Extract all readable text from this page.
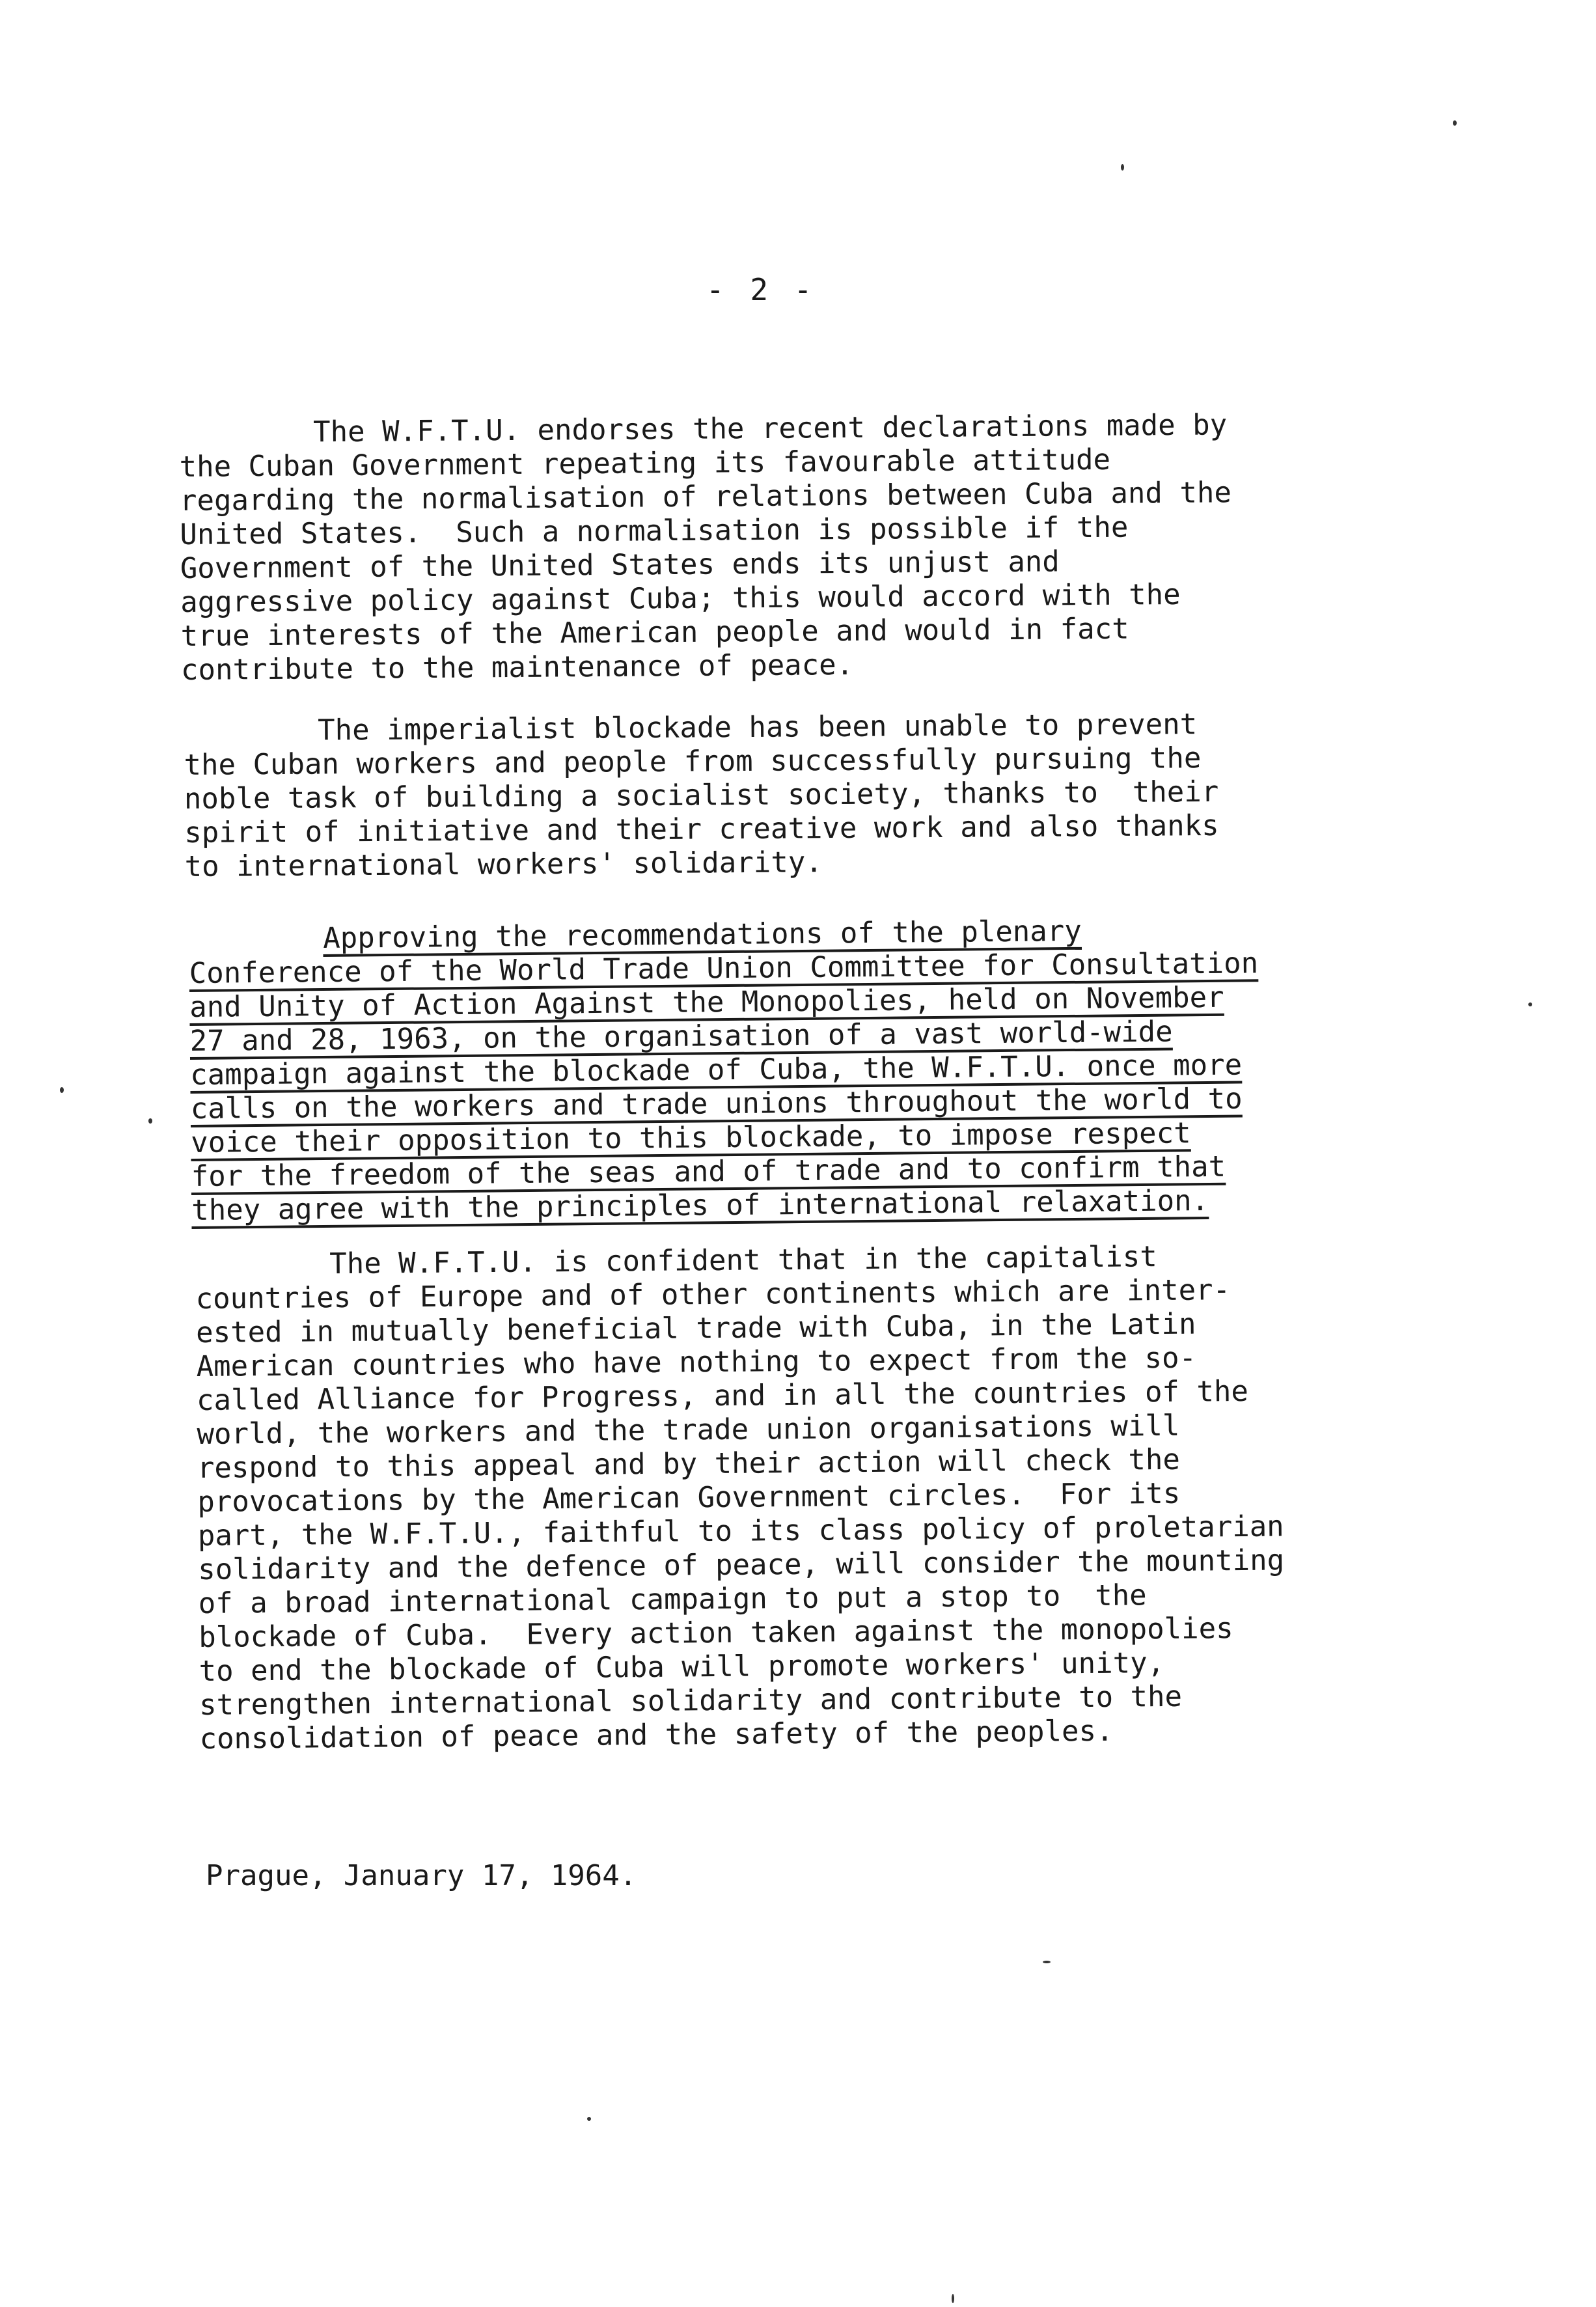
- 2 -
The W.F.T.U. endorses the recent declarations made by
the Cuban Government repeating its favourable attitude
regarding the normalisation of relations between Cuba and the
United States.  Such a normalisation is possible if the
Government of the United States ends its unjust and
aggressive policy against Cuba; this would accord with the
true interests of the American people and would in fact
contribute to the maintenance of peace.
The imperialist blockade has been unable to prevent
the Cuban workers and people from successfully pursuing the
noble task of building a socialist society, thanks to  their
spirit of initiative and their creative work and also thanks
to international workers' solidarity.
Approving the recommendations of the plenary
Conference of the World Trade Union Committee for Consultation
and Unity of Action Against the Monopolies, held on November
27 and 28, 1963, on the organisation of a vast world-wide
campaign against the blockade of Cuba, the W.F.T.U. once more
calls on the workers and trade unions throughout the world to
voice their opposition to this blockade, to impose respect
for the freedom of the seas and of trade and to confirm that
they agree with the principles of international relaxation.
The W.F.T.U. is confident that in the capitalist
countries of Europe and of other continents which are inter-
ested in mutually beneficial trade with Cuba, in the Latin
American countries who have nothing to expect from the so-
called Alliance for Progress, and in all the countries of the
world, the workers and the trade union organisations will
respond to this appeal and by their action will check the
provocations by the American Government circles.  For its
part, the W.F.T.U., faithful to its class policy of proletarian
solidarity and the defence of peace, will consider the mounting
of a broad international campaign to put a stop to  the
blockade of Cuba.  Every action taken against the monopolies
to end the blockade of Cuba will promote workers' unity,
strengthen international solidarity and contribute to the
consolidation of peace and the safety of the peoples.
Prague, January 17, 1964.
